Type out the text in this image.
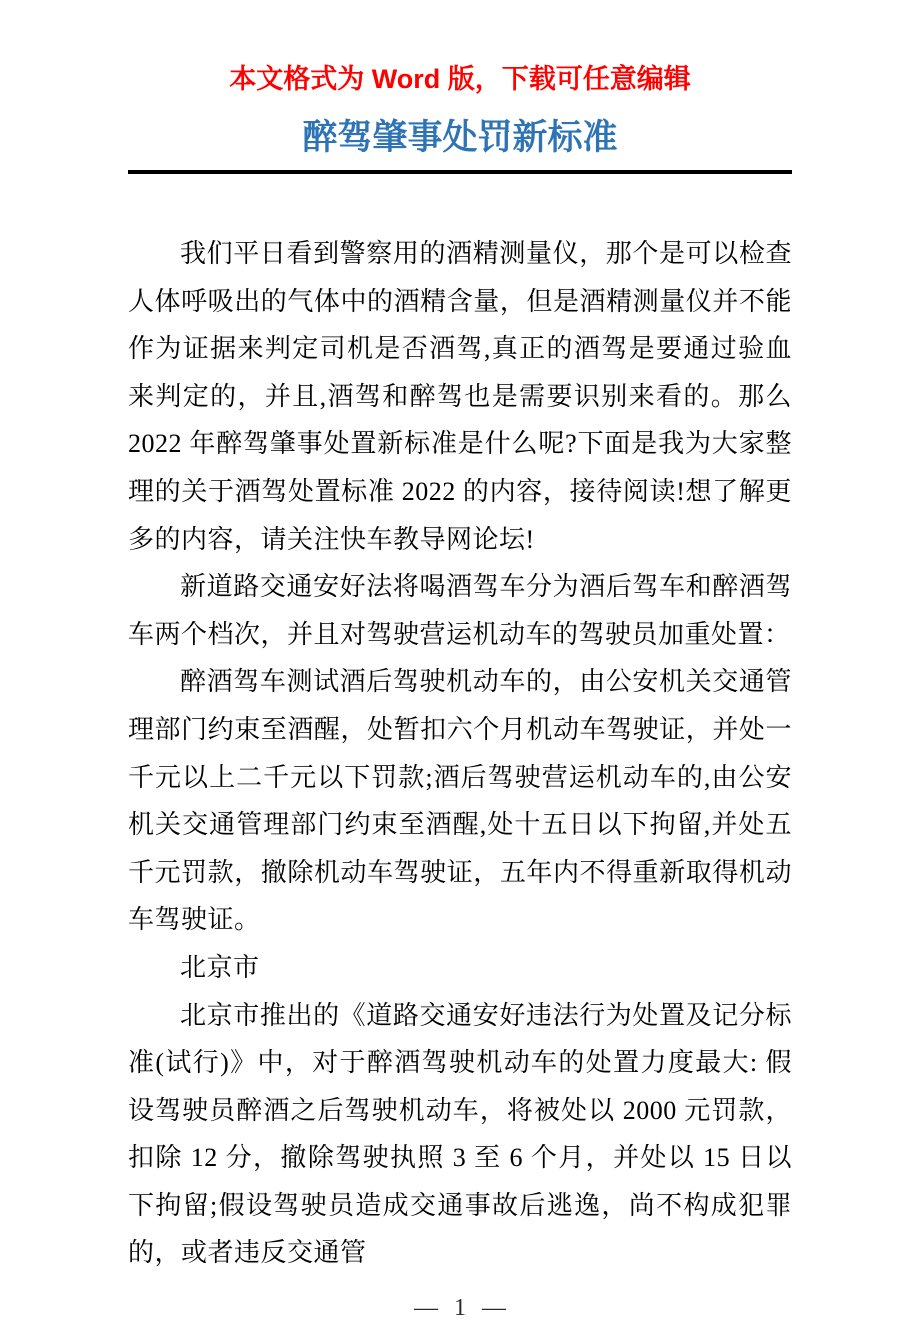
本文格式为 Word 版，下载可任意编辑
醉驾肇事处罚新标准

我们平日看到警察用的酒精测量仪，那个是可以检查人体呼吸出的气体中的酒精含量，但是酒精测量仪并不能作为证据来判定司机是否酒驾,真正的酒驾是要通过验血来判定的，并且,酒驾和醉驾也是需要识别来看的。那么 2022 年醉驾肇事处置新标准是什么呢?下面是我为大家整理的关于酒驾处置标准 2022 的内容，接待阅读!想了解更多的内容，请关注快车教导网论坛!

新道路交通安好法将喝酒驾车分为酒后驾车和醉酒驾车两个档次，并且对驾驶营运机动车的驾驶员加重处置：

醉酒驾车测试酒后驾驶机动车的，由公安机关交通管理部门约束至酒醒，处暂扣六个月机动车驾驶证，并处一千元以上二千元以下罚款;酒后驾驶营运机动车的,由公安机关交通管理部门约束至酒醒,处十五日以下拘留,并处五千元罚款，撤除机动车驾驶证，五年内不得重新取得机动车驾驶证。

北京市

北京市推出的《道路交通安好违法行为处置及记分标准(试行)》中，对于醉酒驾驶机动车的处置力度最大: 假设驾驶员醉酒之后驾驶机动车，将被处以 2000 元罚款，扣除 12 分，撤除驾驶执照 3 至 6 个月，并处以 15 日以下拘留;假设驾驶员造成交通事故后逃逸，尚不构成犯罪的，或者违反交通管

— 1 —
